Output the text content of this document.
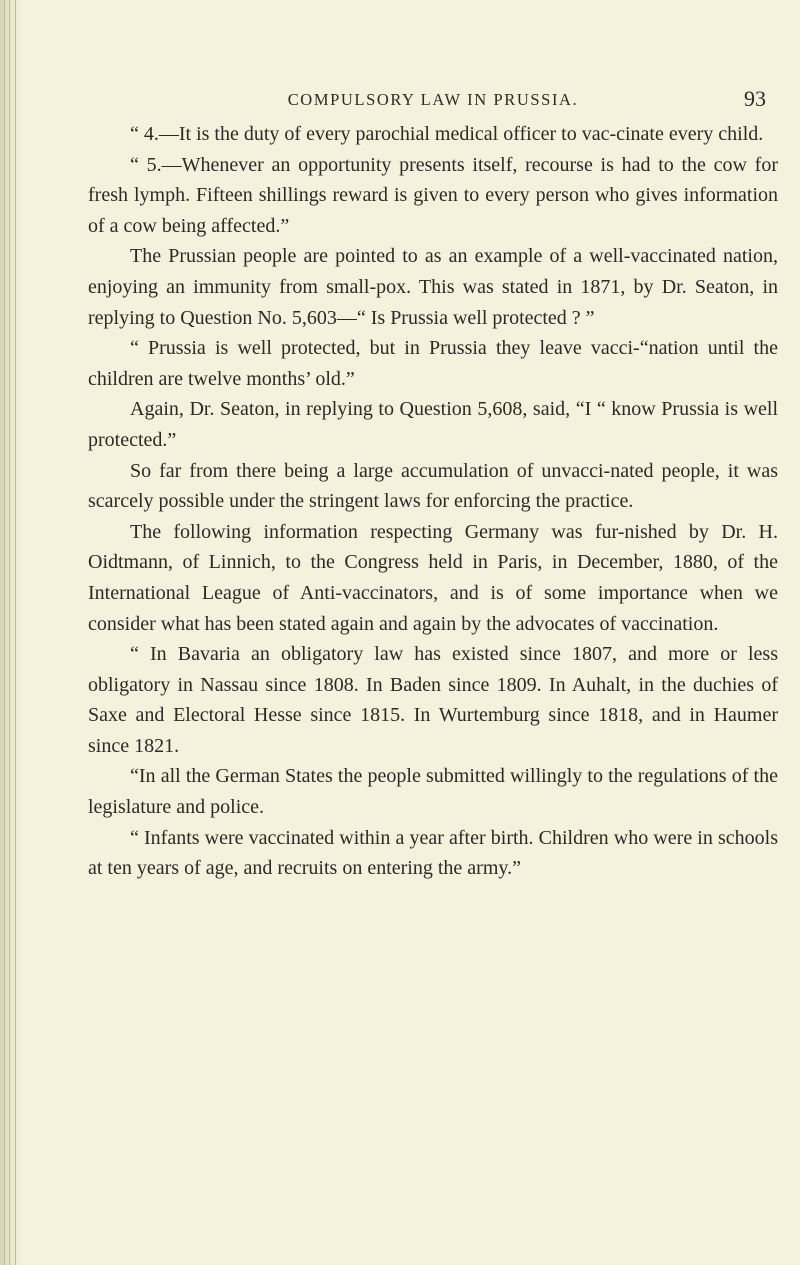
COMPULSORY LAW IN PRUSSIA.	93

“ 4.—It is the duty of every parochial medical officer to vac-cinate every child.

“ 5.—Whenever an opportunity presents itself, recourse is had to the cow for fresh lymph. Fifteen shillings reward is given to every person who gives information of a cow being affected.”

The Prussian people are pointed to as an example of a well-vaccinated nation, enjoying an immunity from small-pox. This was stated in 1871, by Dr. Seaton, in replying to Question No. 5,603—“ Is Prussia well protected ? ”

“ Prussia is well protected, but in Prussia they leave vacci-“nation until the children are twelve months’ old.”

Again, Dr. Seaton, in replying to Question 5,608, said, “I “ know Prussia is well protected.”

So far from there being a large accumulation of unvacci-nated people, it was scarcely possible under the stringent laws for enforcing the practice.

The following information respecting Germany was fur-nished by Dr. H. Oidtmann, of Linnich, to the Congress held in Paris, in December, 1880, of the International League of Anti-vaccinators, and is of some importance when we consider what has been stated again and again by the advocates of vaccination.

“ In Bavaria an obligatory law has existed since 1807, and more or less obligatory in Nassau since 1808. In Baden since 1809. In Auhalt, in the duchies of Saxe and Electoral Hesse since 1815. In Wurtemburg since 1818, and in Haumer since 1821.

“In all the German States the people submitted willingly to the regulations of the legislature and police.

“ Infants were vaccinated within a year after birth. Children who were in schools at ten years of age, and recruits on entering the army.”
